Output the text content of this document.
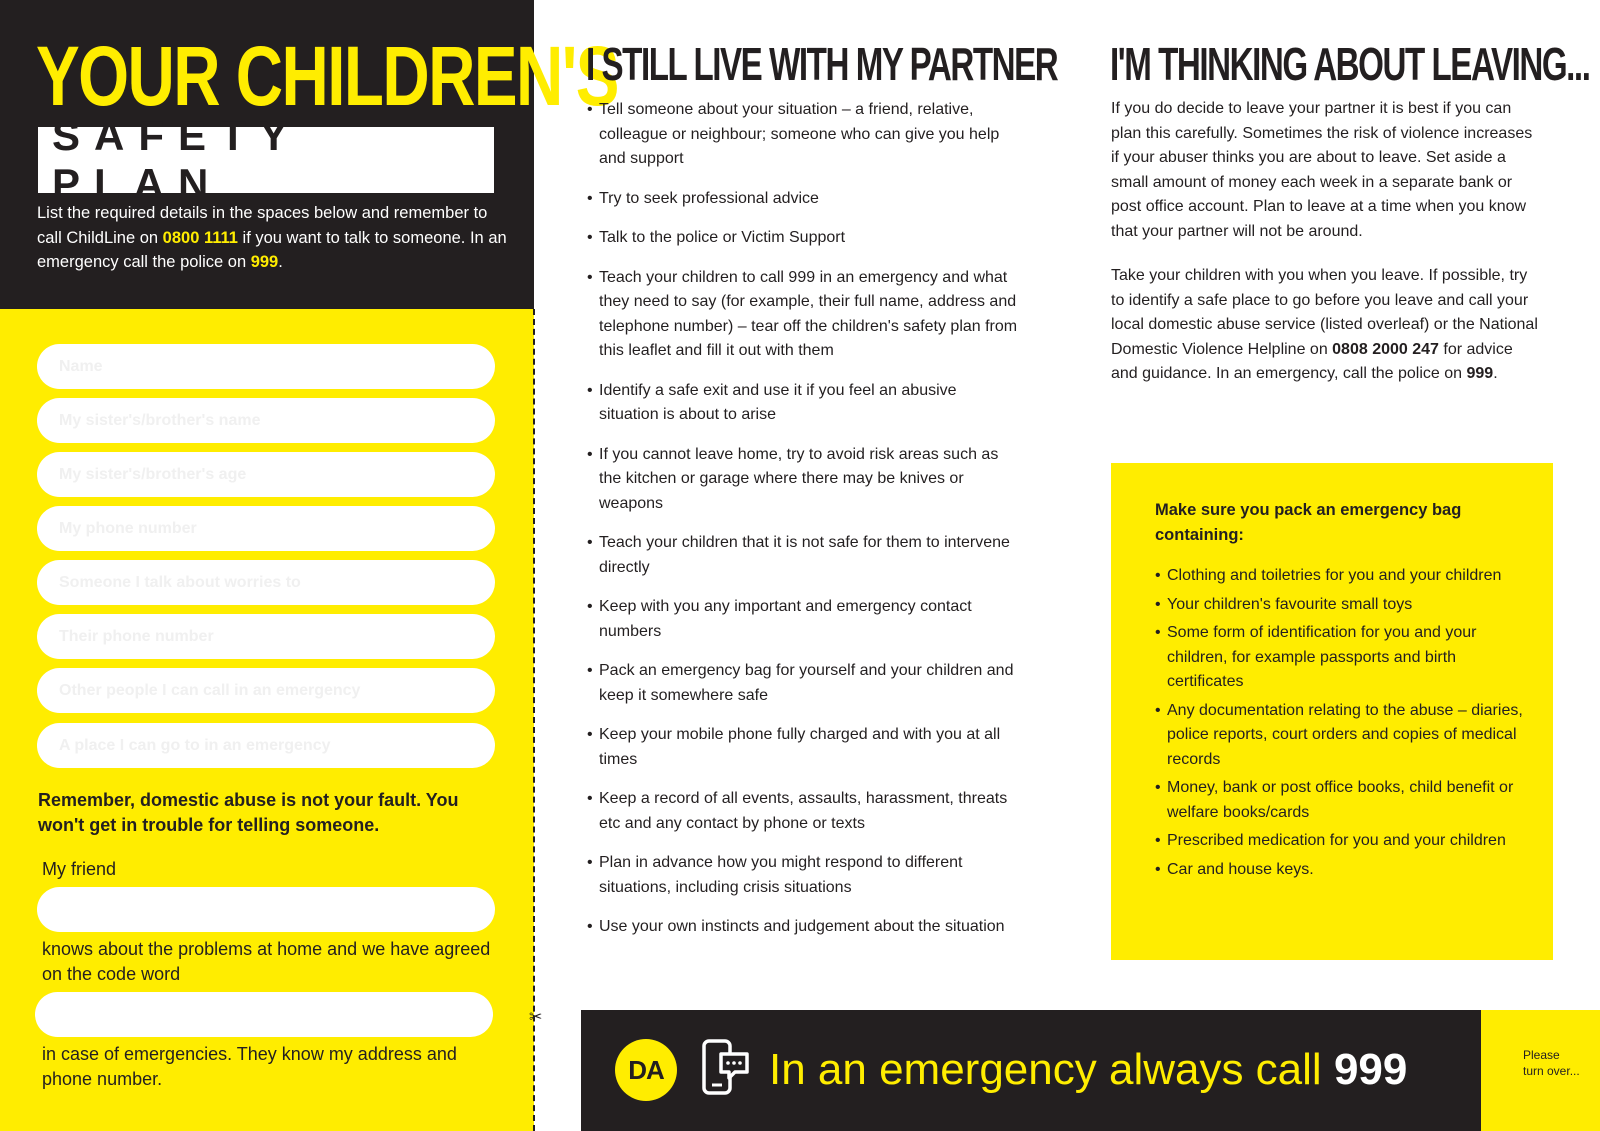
✂
YOUR CHILDREN'S
SAFETY PLAN

List the required details in the spaces below and remember to call ChildLine on 0800 1111 if you want to talk to someone. In an emergency call the police on 999.

Name
My sister's/brother's name
My sister's/brother's age
My phone number
Someone I talk about worries to
Their phone number
Other people I can call in an emergency
A place I can go to in an emergency

Remember, domestic abuse is not your fault. You won't get in trouble for telling someone.

My friend

knows about the problems at home and we have agreed on the code word

in case of emergencies. They know my address and phone number.

I STILL LIVE WITH MY PARTNER
• Tell someone about your situation – a friend, relative, colleague or neighbour; someone who can give you help and support
• Try to seek professional advice
• Talk to the police or Victim Support
• Teach your children to call 999 in an emergency and what they need to say (for example, their full name, address and telephone number) – tear off the children's safety plan from this leaflet and fill it out with them
• Identify a safe exit and use it if you feel an abusive situation is about to arise
• If you cannot leave home, try to avoid risk areas such as the kitchen or garage where there may be knives or weapons
• Teach your children that it is not safe for them to intervene directly
• Keep with you any important and emergency contact numbers
• Pack an emergency bag for yourself and your children and keep it somewhere safe
• Keep your mobile phone fully charged and with you at all times
• Keep a record of all events, assaults, harassment, threats etc and any contact by phone or texts
• Plan in advance how you might respond to different situations, including crisis situations
• Use your own instincts and judgement about the situation
I'M THINKING ABOUT LEAVING...

If you do decide to leave your partner it is best if you can plan this carefully. Sometimes the risk of violence increases if your abuser thinks you are about to leave. Set aside a small amount of money each week in a separate bank or post office account. Plan to leave at a time when you know that your partner will not be around.

Take your children with you when you leave. If possible, try to identify a safe place to go before you leave and call your local domestic abuse service (listed overleaf) or the National Domestic Violence Helpline on 0808 2000 247 for advice and guidance. In an emergency, call the police on 999.

Make sure you pack an emergency bag containing:

• Clothing and toiletries for you and your children
• Your children's favourite small toys
• Some form of identification for you and your children, for example passports and birth certificates
• Any documentation relating to the abuse – diaries, police reports, court orders and copies of medical records
• Money, bank or post office books, child benefit or welfare books/cards
• Prescribed medication for you and your children
• Car and house keys.
DA	In an emergency always call 999	Please turn over...
